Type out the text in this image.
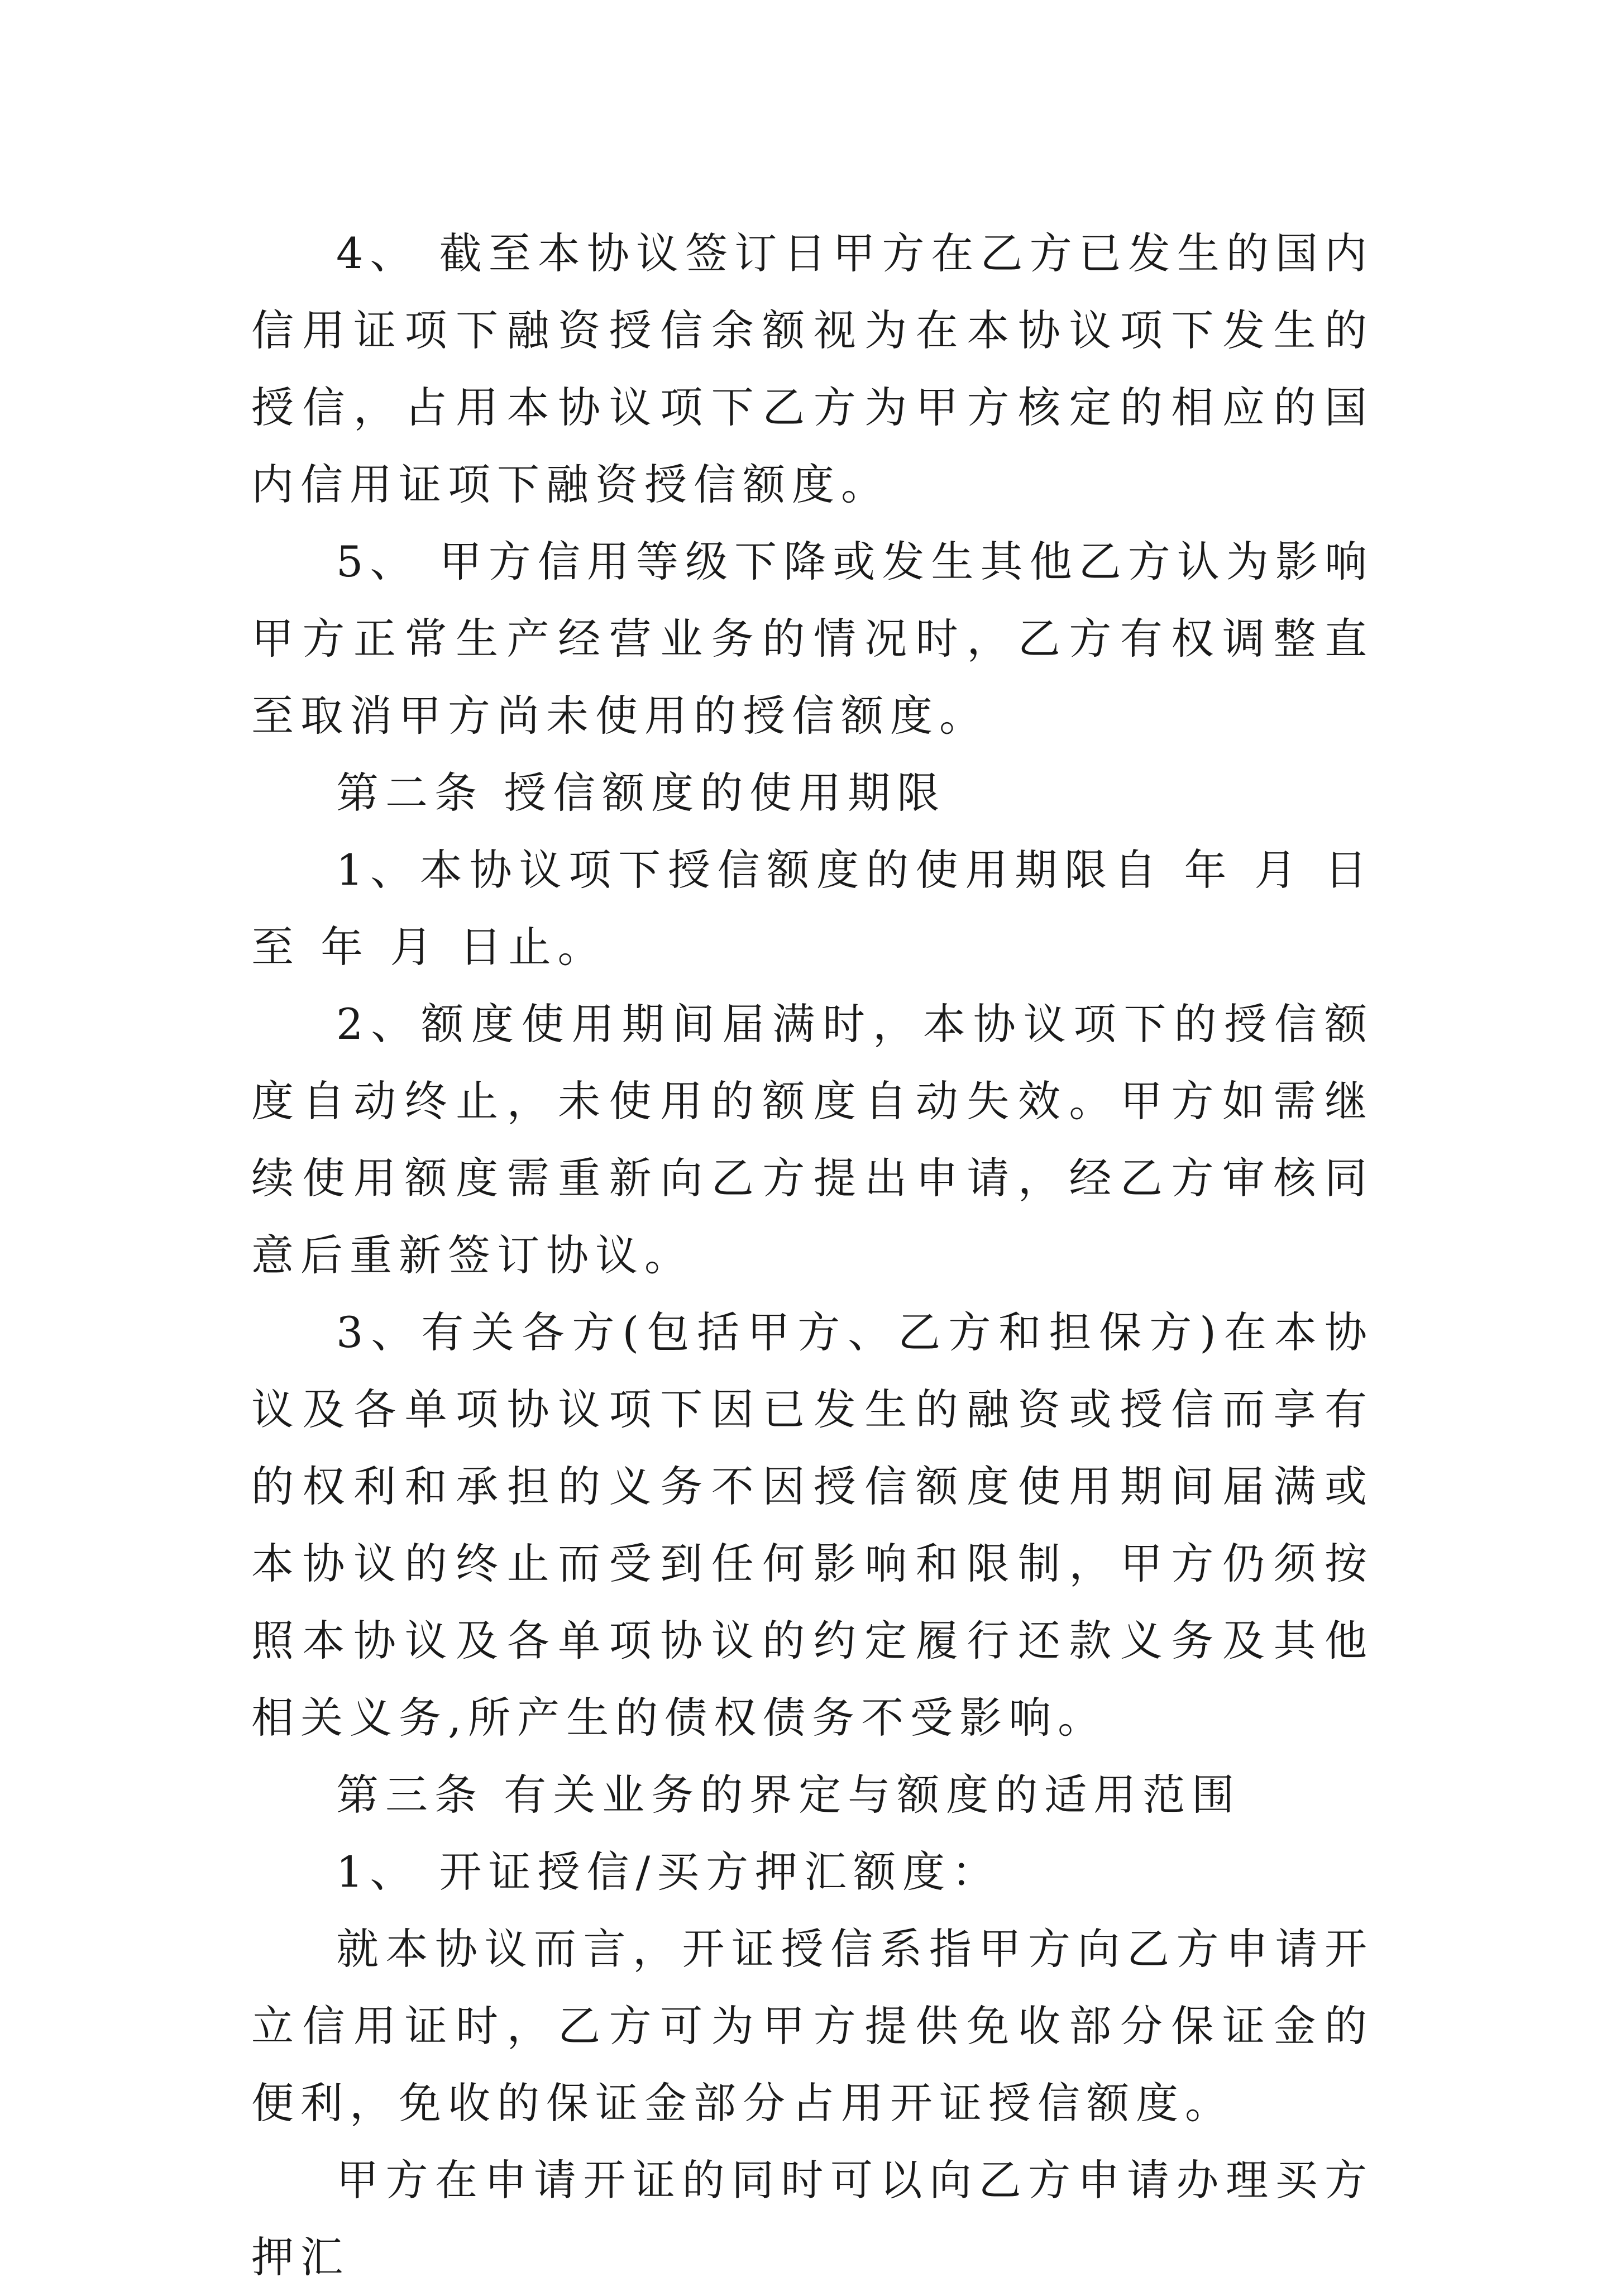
4、 截至本协议签订日甲方在乙方已发生的国内信用证项下融资授信余额视为在本协议项下发生的授信，占用本协议项下乙方为甲方核定的相应的国内信用证项下融资授信额度。

5、 甲方信用等级下降或发生其他乙方认为影响甲方正常生产经营业务的情况时，乙方有权调整直至取消甲方尚未使用的授信额度。

第二条 授信额度的使用期限

1、本协议项下授信额度的使用期限自 年 月 日至 年 月 日止。

2、额度使用期间届满时，本协议项下的授信额度自动终止，未使用的额度自动失效。甲方如需继续使用额度需重新向乙方提出申请，经乙方审核同意后重新签订协议。

3、有关各方(包括甲方、乙方和担保方)在本协议及各单项协议项下因已发生的融资或授信而享有的权利和承担的义务不因授信额度使用期间届满或本协议的终止而受到任何影响和限制，甲方仍须按照本协议及各单项协议的约定履行还款义务及其他相关义务,所产生的债权债务不受影响。

第三条 有关业务的界定与额度的适用范围

1、 开证授信/买方押汇额度：

就本协议而言，开证授信系指甲方向乙方申请开立信用证时，乙方可为甲方提供免收部分保证金的便利，免收的保证金部分占用开证授信额度。

甲方在申请开证的同时可以向乙方申请办理买方押汇
